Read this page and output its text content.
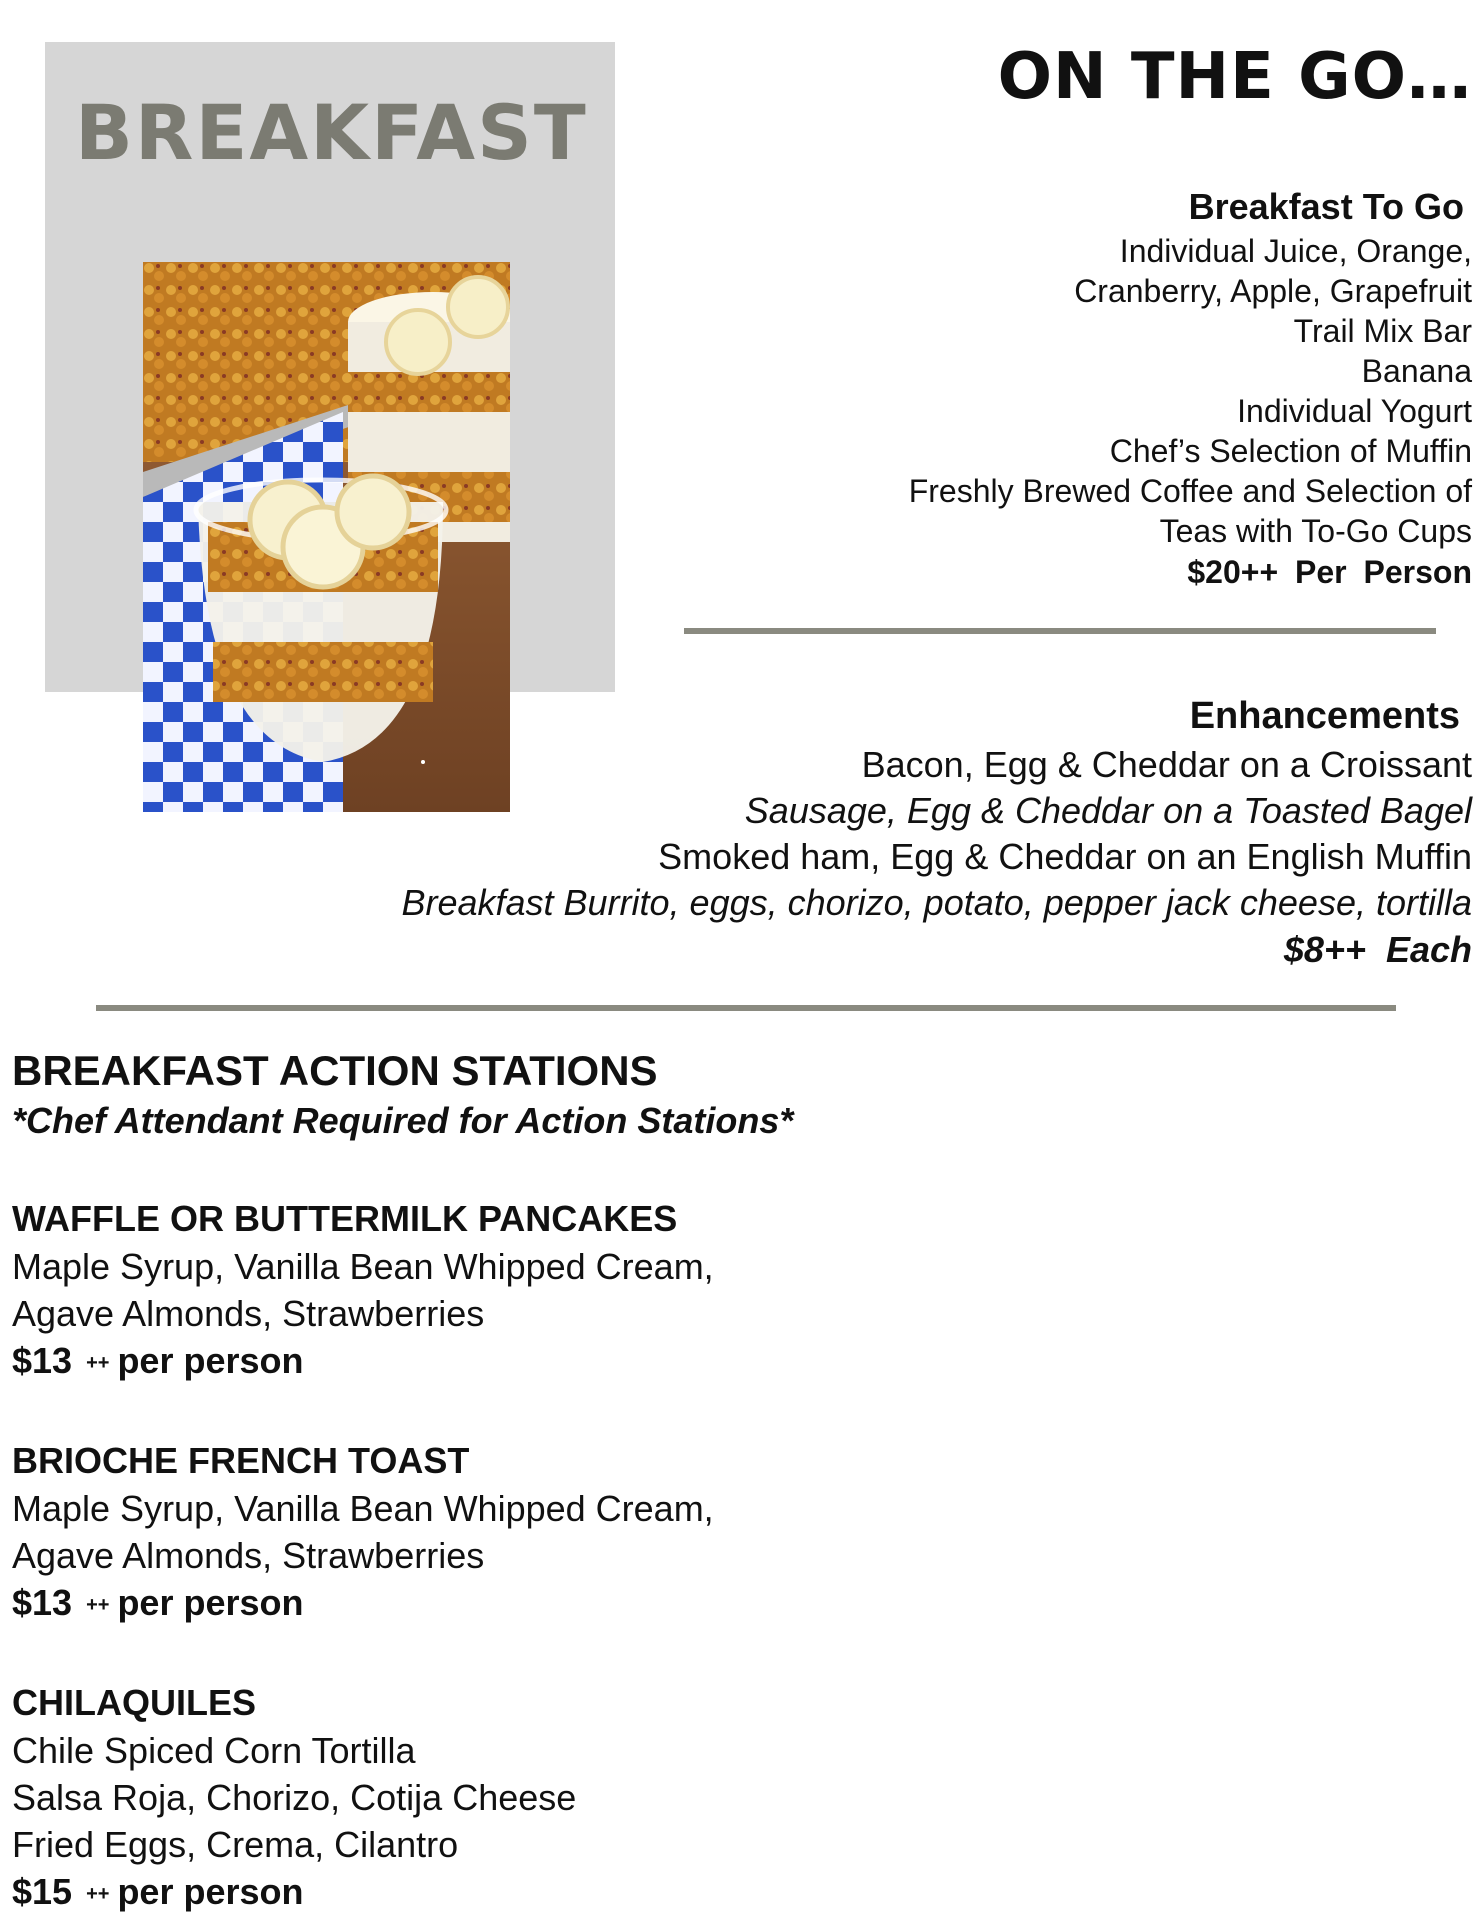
BREAKFAST
ON THE GO…
Breakfast To Go
Individual Juice, Orange,
Cranberry, Apple, Grapefruit
Trail Mix Bar
Banana
Individual Yogurt
Chef’s Selection of Muffin
Freshly Brewed Coffee and Selection of
Teas with To-Go Cups
$20++ Per Person
Enhancements
Bacon, Egg & Cheddar on a Croissant
Sausage, Egg & Cheddar on a Toasted Bagel
Smoked ham, Egg & Cheddar on an English Muffin
Breakfast Burrito, eggs, chorizo, potato, pepper jack cheese, tortilla
$8++ Each
BREAKFAST ACTION STATIONS
*Chef Attendant Required for Action Stations*
WAFFLE OR BUTTERMILK PANCAKES
Maple Syrup, Vanilla Bean Whipped Cream,
Agave Almonds, Strawberries
$13 ++ per person
BRIOCHE FRENCH TOAST
Maple Syrup, Vanilla Bean Whipped Cream,
Agave Almonds, Strawberries
$13 ++ per person
CHILAQUILES
Chile Spiced Corn Tortilla
Salsa Roja, Chorizo, Cotija Cheese
Fried Eggs, Crema, Cilantro
$15 ++ per person
